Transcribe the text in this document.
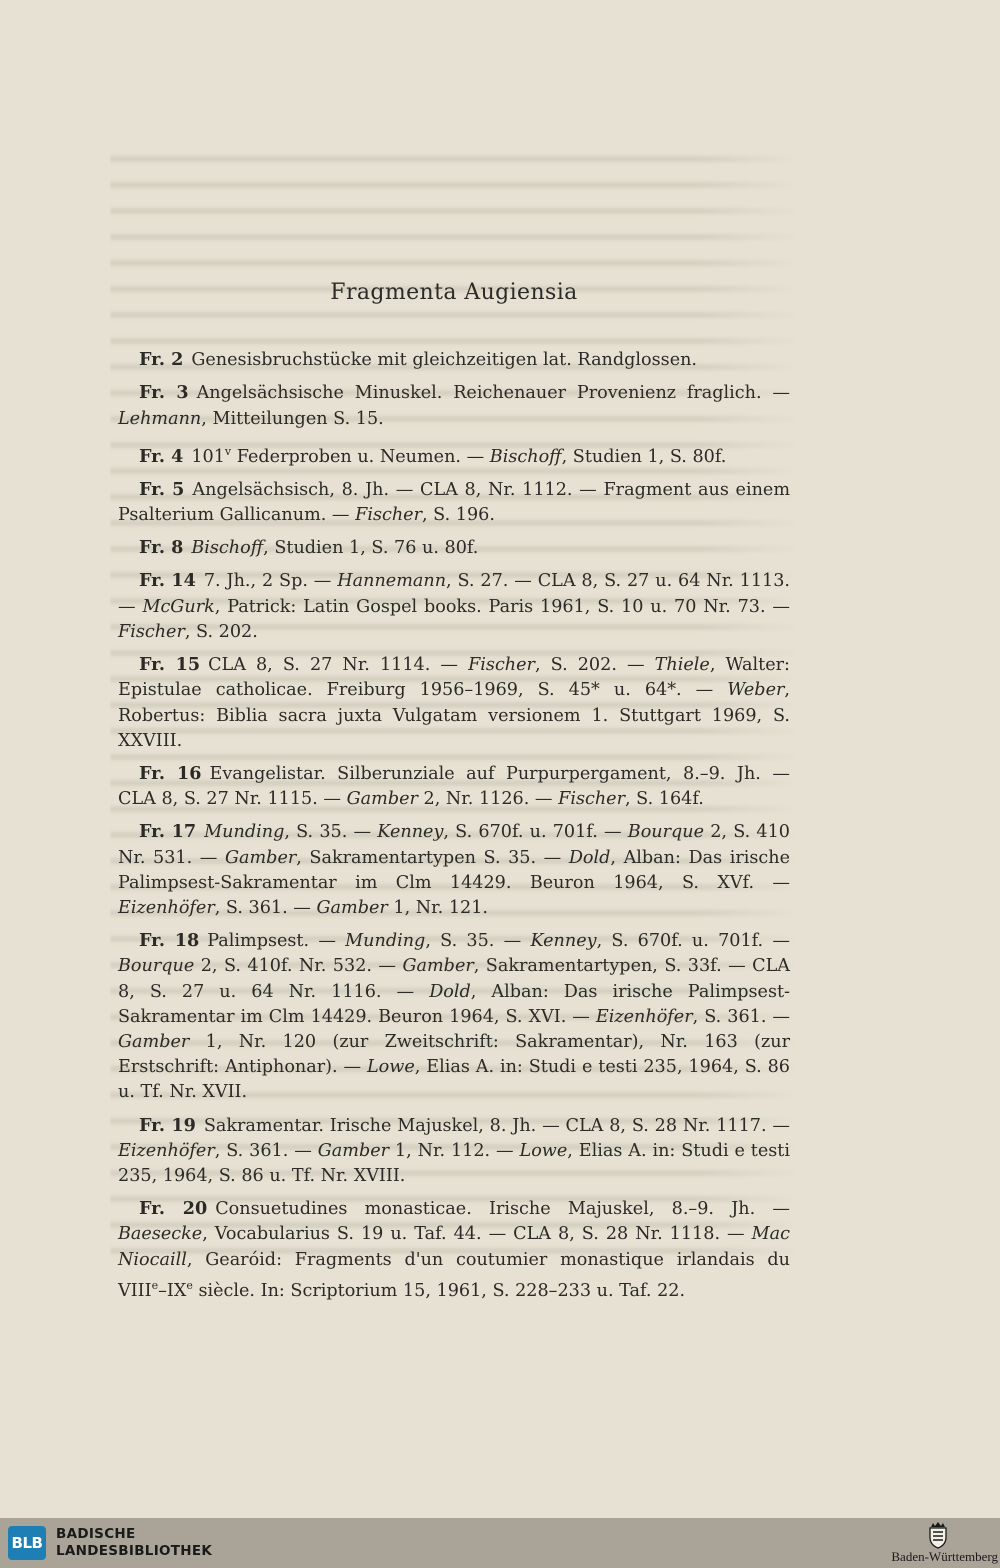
Fragmenta Augiensia

Fr. 2 Genesisbruchstücke mit gleichzeitigen lat. Randglossen.

Fr. 3 Angelsächsische Minuskel. Reichenauer Provenienz fraglich. — Lehmann, Mitteilungen S. 15.

Fr. 4 101$^v$ Federproben u. Neumen. — Bischoff, Studien 1, S. 80f.

Fr. 5 Angelsächsisch, 8. Jh. — CLA 8, Nr. 1112. — Fragment aus einem Psalterium Gallicanum. — Fischer, S. 196.

Fr. 8 Bischoff, Studien 1, S. 76 u. 80f.

Fr. 14 7. Jh., 2 Sp. — Hannemann, S. 27. — CLA 8, S. 27 u. 64 Nr. 1113. — McGurk, Patrick: Latin Gospel books. Paris 1961, S. 10 u. 70 Nr. 73. — Fischer, S. 202.

Fr. 15 CLA 8, S. 27 Nr. 1114. — Fischer, S. 202. — Thiele, Walter: Epistulae catholicae. Freiburg 1956–1969, S. 45* u. 64*. — Weber, Robertus: Biblia sacra juxta Vulgatam versionem 1. Stuttgart 1969, S. XXVIII.

Fr. 16 Evangelistar. Silberunziale auf Purpurpergament, 8.–9. Jh. — CLA 8, S. 27 Nr. 1115. — Gamber 2, Nr. 1126. — Fischer, S. 164f.

Fr. 17 Munding, S. 35. — Kenney, S. 670f. u. 701f. — Bourque 2, S. 410 Nr. 531. — Gamber, Sakramentartypen S. 35. — Dold, Alban: Das irische Palimpsest-Sakramentar im Clm 14429. Beuron 1964, S. XVf. — Eizenhöfer, S. 361. — Gamber 1, Nr. 121.

Fr. 18 Palimpsest. — Munding, S. 35. — Kenney, S. 670f. u. 701f. — Bourque 2, S. 410f. Nr. 532. — Gamber, Sakramentartypen, S. 33f. — CLA 8, S. 27 u. 64 Nr. 1116. — Dold, Alban: Das irische Palimpsest-Sakramentar im Clm 14429. Beuron 1964, S. XVI. — Eizenhöfer, S. 361. — Gamber 1, Nr. 120 (zur Zweitschrift: Sakramentar), Nr. 163 (zur Erstschrift: Antiphonar). — Lowe, Elias A. in: Studi e testi 235, 1964, S. 86 u. Tf. Nr. XVII.

Fr. 19 Sakramentar. Irische Majuskel, 8. Jh. — CLA 8, S. 28 Nr. 1117. — Eizenhöfer, S. 361. — Gamber 1, Nr. 112. — Lowe, Elias A. in: Studi e testi 235, 1964, S. 86 u. Tf. Nr. XVIII.

Fr. 20 Consuetudines monasticae. Irische Majuskel, 8.–9. Jh. — Baesecke, Vocabularius S. 19 u. Taf. 44. — CLA 8, S. 28 Nr. 1118. — Mac Niocaill, Gearóid: Fragments d'un coutumier monastique irlandais du VIIIe–IXe siècle. In: Scriptorium 15, 1961, S. 228–233 u. Taf. 22.

BLB BADISCHE
LANDESBIBLIOTHEK	Baden-Württemberg
